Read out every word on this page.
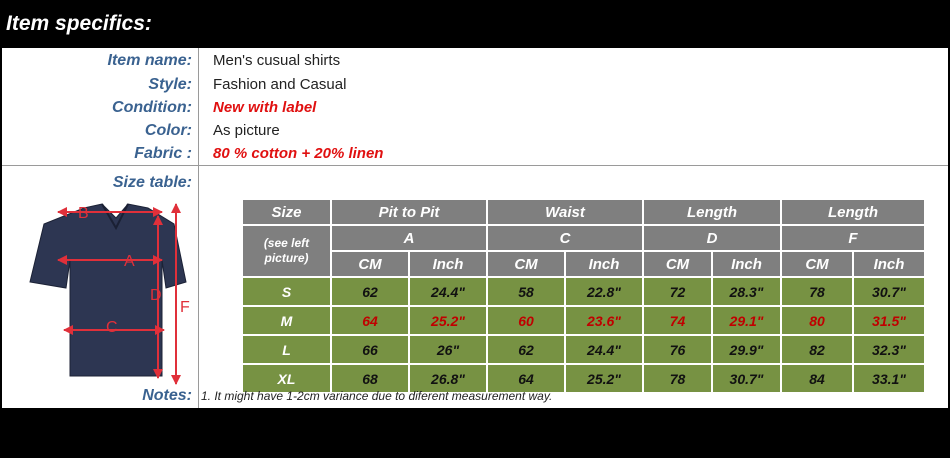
Item specifics:
Item name: Men's cusual shirts
Style: Fashion and Casual
Condition: New with label
Color: As picture
Fabric : 80 % cotton + 20% linen
Size table:
B
A
D
C
F
Size	Pit to Pit		Waist		Length		Length	
(see left
picture)	A		C		D		F	
	CM	Inch	CM	Inch	CM	Inch	CM	Inch
S	62	24.4"	58	22.8"	72	28.3"	78	30.7"
M	64	25.2"	60	23.6"	74	29.1"	80	31.5"
L	66	26"	62	24.4"	76	29.9"	82	32.3"
XL	68	26.8"	64	25.2"	78	30.7"	84	33.1"
Notes: 1. It might have 1-2cm variance due to diferent measurement way.
